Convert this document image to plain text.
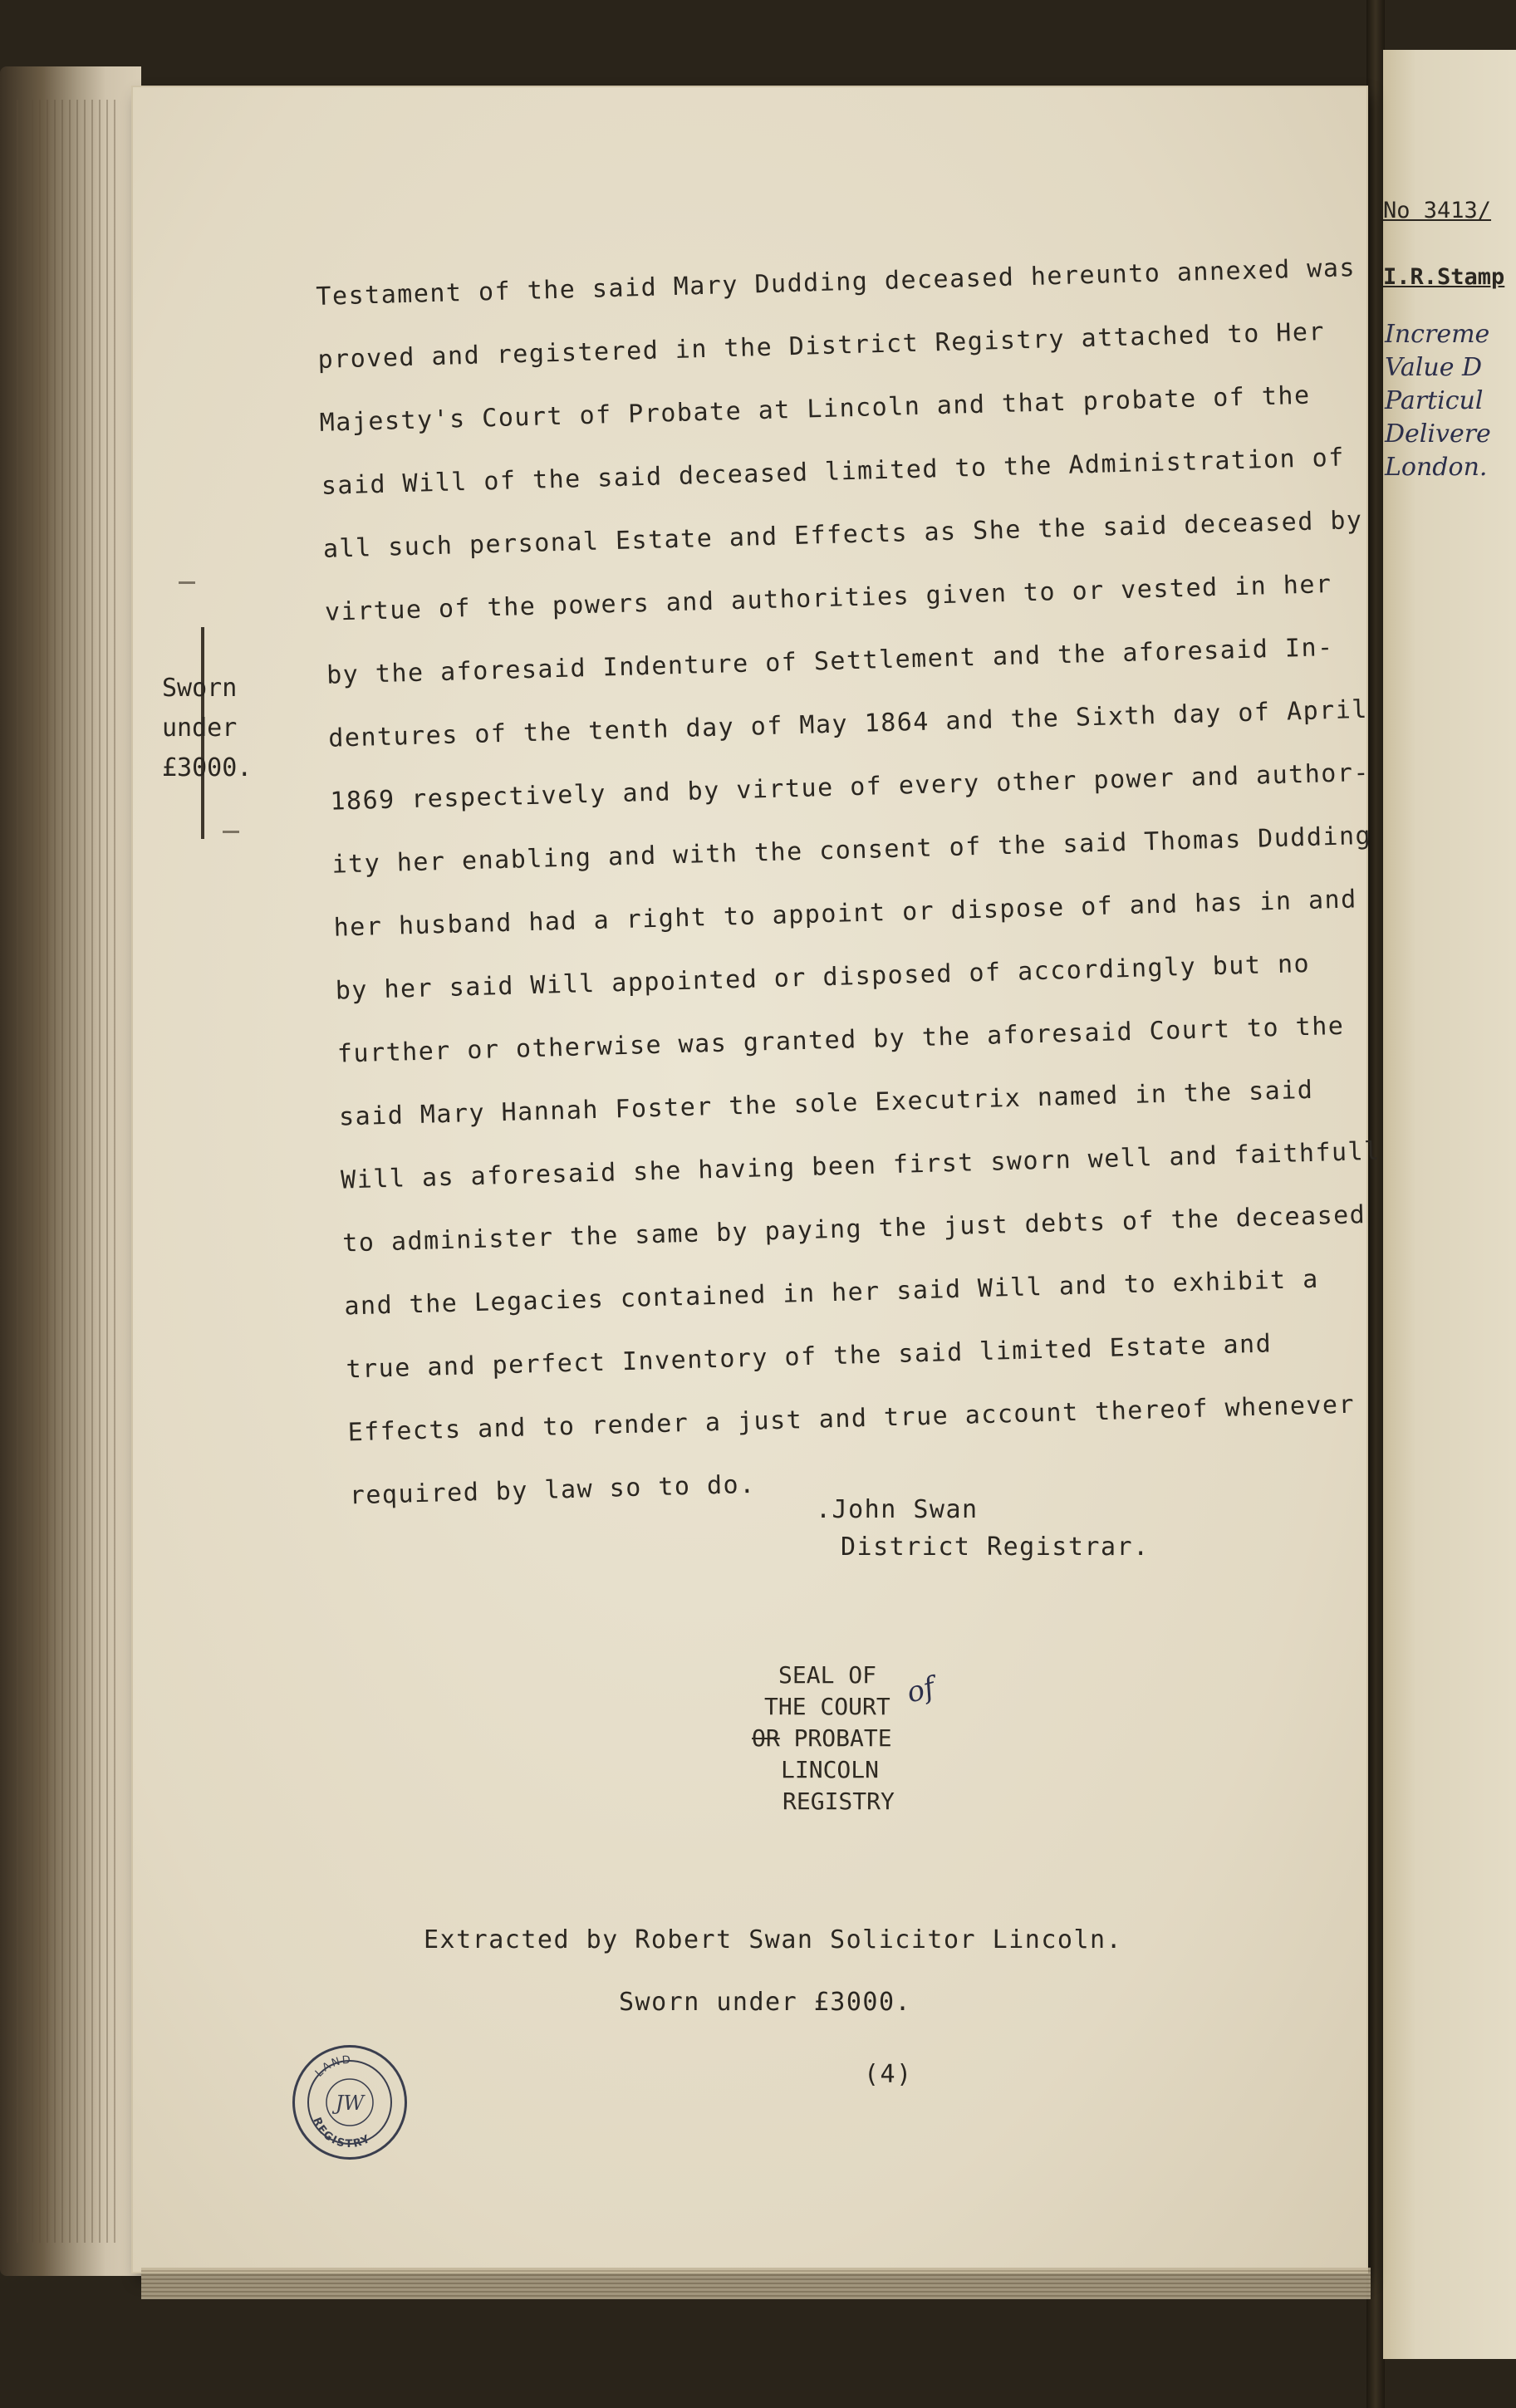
Testament of the said Mary Dudding deceased hereunto annexed was

proved and registered in the District Registry attached to Her

Majesty's Court of Probate at Lincoln and that probate of the

said Will of the said deceased limited to the Administration of

all such personal Estate and Effects as She the said deceased by

virtue of the powers and authorities given to or vested in her

by the aforesaid Indenture of Settlement and the aforesaid In-

dentures of the tenth day of May 1864 and the Sixth day of April

1869 respectively and by virtue of every other power and author-

ity her enabling and with the consent of the said Thomas Dudding

her husband had a right to appoint or dispose of and has in and

by her said Will appointed or disposed of accordingly but no

further or otherwise was granted by the aforesaid Court to the

said Mary Hannah Foster the sole Executrix named in the said

Will as aforesaid she having been first sworn well and faithfull

to administer the same by paying the just debts of the deceased

and the Legacies contained in her said Will and to exhibit a

true and perfect Inventory of the said limited Estate and

Effects and to render a just and true account thereof whenever

required by law so to do.

Sworn
under
£3000.
.John Swan
District Registrar.
SEAL OF
THE COURT
OR PROBATE
LINCOLN
REGISTRY
of
Extracted by Robert Swan Solicitor Lincoln.
Sworn under £3000.
(4)
LAND
REGISTRY
JW
No 3413/
I.R.Stamp
Increme
Value D
Particul
Delivere
London.
